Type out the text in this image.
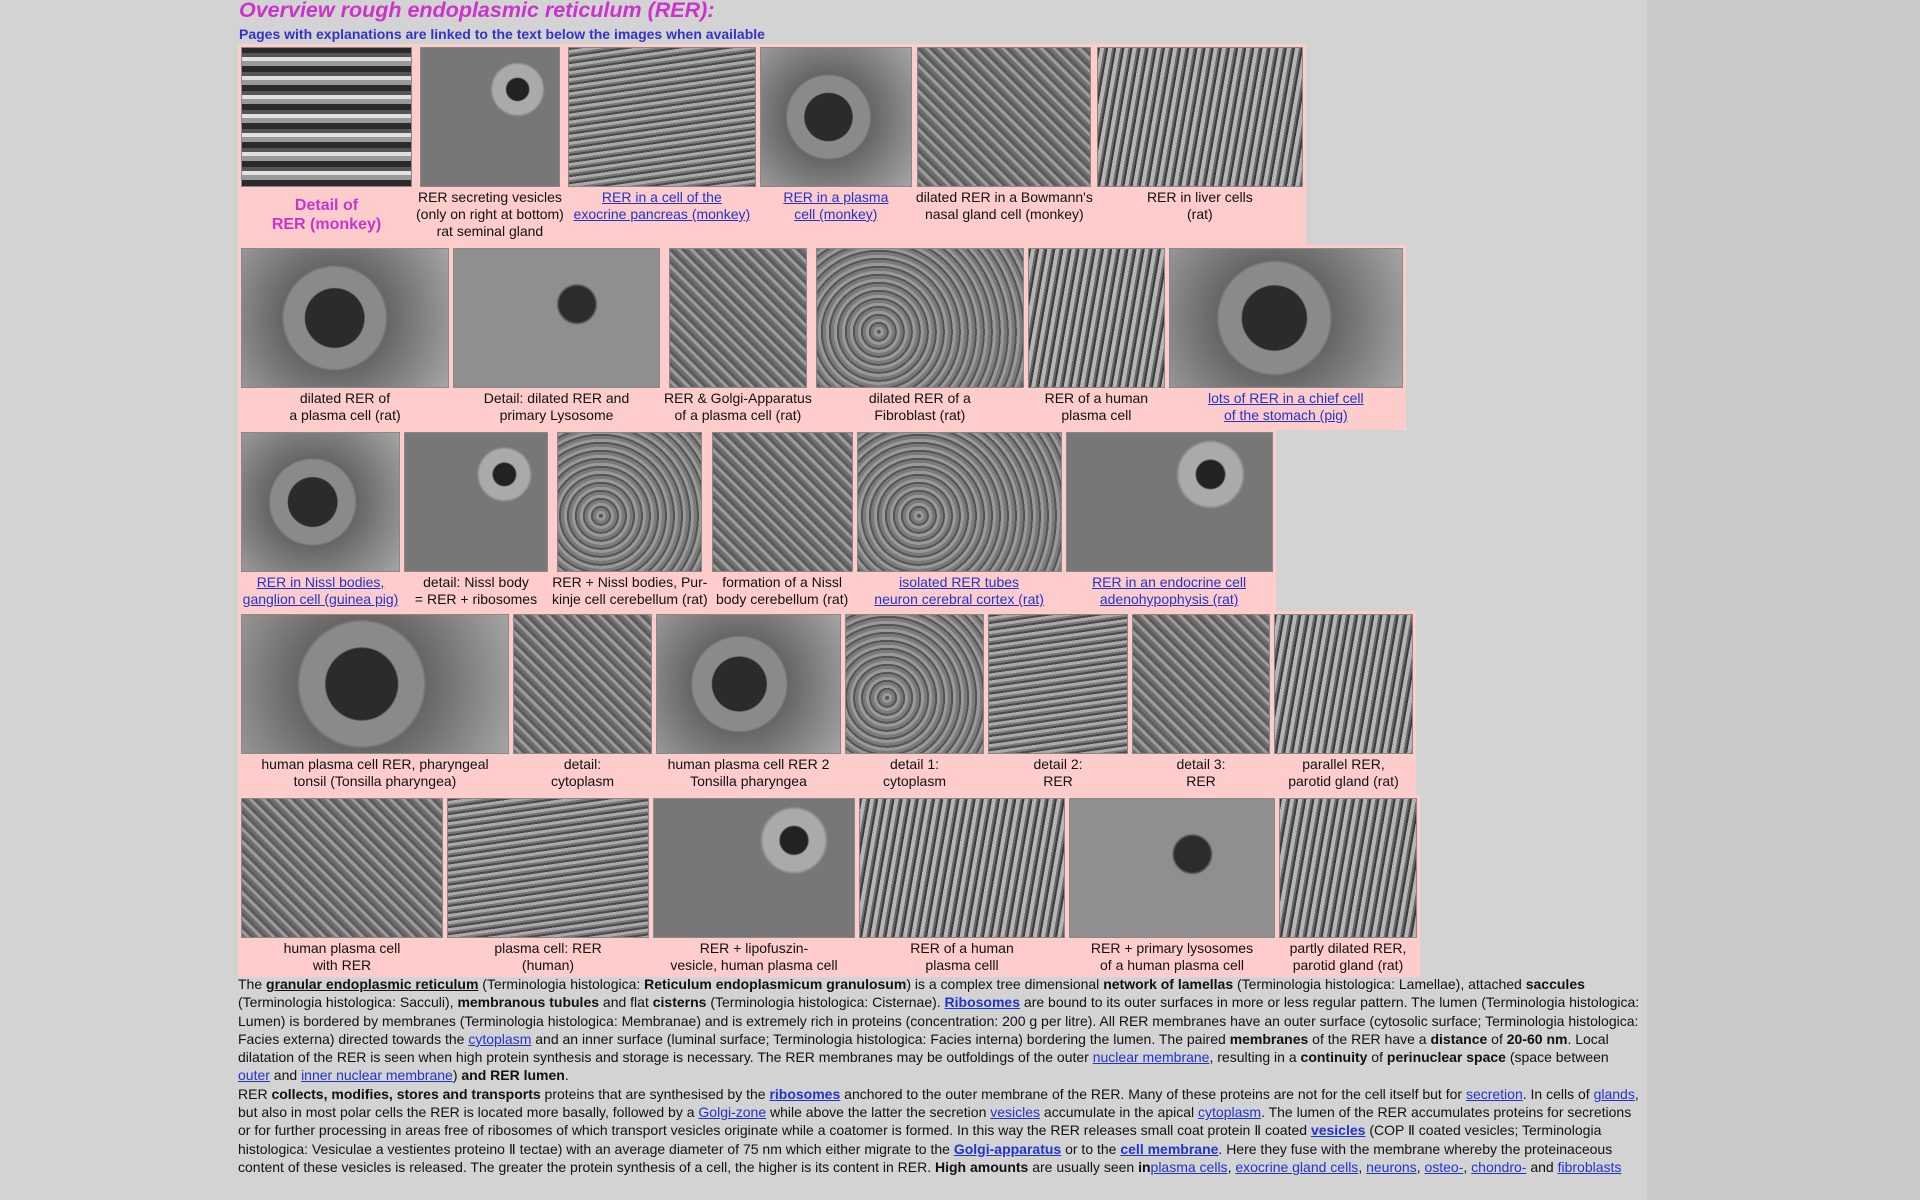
Overview rough endoplasmic reticulum (RER):

Pages with explanations are linked to the text below the images when available

Detail of
RER (monkey)
RER secreting vesicles
(only on right at bottom)
rat seminal gland
RER in a cell of the
exocrine pancreas (monkey)
RER in a plasma
cell (monkey)
dilated RER in a Bowmann's
nasal gland cell (monkey)
RER in liver cells
(rat)
dilated RER of
a plasma cell (rat)
Detail: dilated RER and
primary Lysosome
RER & Golgi-Apparatus
of a plasma cell (rat)
dilated RER of a
Fibroblast (rat)
RER of a human
plasma cell
lots of RER in a chief cell
of the stomach (pig)
RER in Nissl bodies,
ganglion cell (guinea pig)
detail: Nissl body
= RER + ribosomes
RER + Nissl bodies, Pur-
kinje cell cerebellum (rat)
formation of a Nissl
body cerebellum (rat)
isolated RER tubes
neuron cerebral cortex (rat)
RER in an endocrine cell
adenohypophysis (rat)
human plasma cell RER, pharyngeal
tonsil (Tonsilla pharyngea)
detail:
cytoplasm
human plasma cell RER 2
Tonsilla pharyngea
detail 1:
cytoplasm
detail 2:
RER
detail 3:
RER
parallel RER,
parotid gland (rat)
human plasma cell
with RER
plasma cell: RER
(human)
RER + lipofuszin-
vesicle, human plasma cell
RER of a human
plasma celll
RER + primary lysosomes
of a human plasma cell
partly dilated RER,
parotid gland (rat)

The granular endoplasmic reticulum (Terminologia histologica: Reticulum endoplasmicum granulosum) is a complex tree dimensional network of lamellas (Terminologia histologica: Lamellae), attached saccules (Terminologia histologica: Sacculi), membranous tubules and flat cisterns (Terminologia histologica: Cisternae). Ribosomes are bound to its outer surfaces in more or less regular pattern. The lumen (Terminologia histologica: Lumen) is bordered by membranes (Terminologia histologica: Membranae) and is extremely rich in proteins (concentration: 200 g per litre). All RER membranes have an outer surface (cytosolic surface; Terminologia histologica: Facies externa) directed towards the cytoplasm and an inner surface (luminal surface; Terminologia histologica: Facies interna) bordering the lumen. The paired membranes of the RER have a distance of 20-60 nm. Local dilatation of the RER is seen when high protein synthesis and storage is necessary. The RER membranes may be outfoldings of the outer nuclear membrane, resulting in a continuity of perinuclear space (space between outer and inner nuclear membrane) and RER lumen.

RER collects, modifies, stores and transports proteins that are synthesised by the ribosomes anchored to the outer membrane of the RER. Many of these proteins are not for the cell itself but for secretion. In cells of glands, but also in most polar cells the RER is located more basally, followed by a Golgi-zone while above the latter the secretion vesicles accumulate in the apical cytoplasm. The lumen of the RER accumulates proteins for secretions or for further processing in areas free of ribosomes of which transport vesicles originate while a coatomer is formed. In this way the RER releases small coat protein Ⅱ coated vesicles (COP Ⅱ coated vesicles; Terminologia histologica: Vesiculae a vestientes proteino Ⅱ tectae) with an average diameter of 75 nm which either migrate to the Golgi-apparatus or to the cell membrane. Here they fuse with the membrane whereby the proteinaceous content of these vesicles is released. The greater the protein synthesis of a cell, the higher is its content in RER. High amounts are usually seen inplasma cells, exocrine gland cells, neurons, osteo-, chondro- and fibroblasts
